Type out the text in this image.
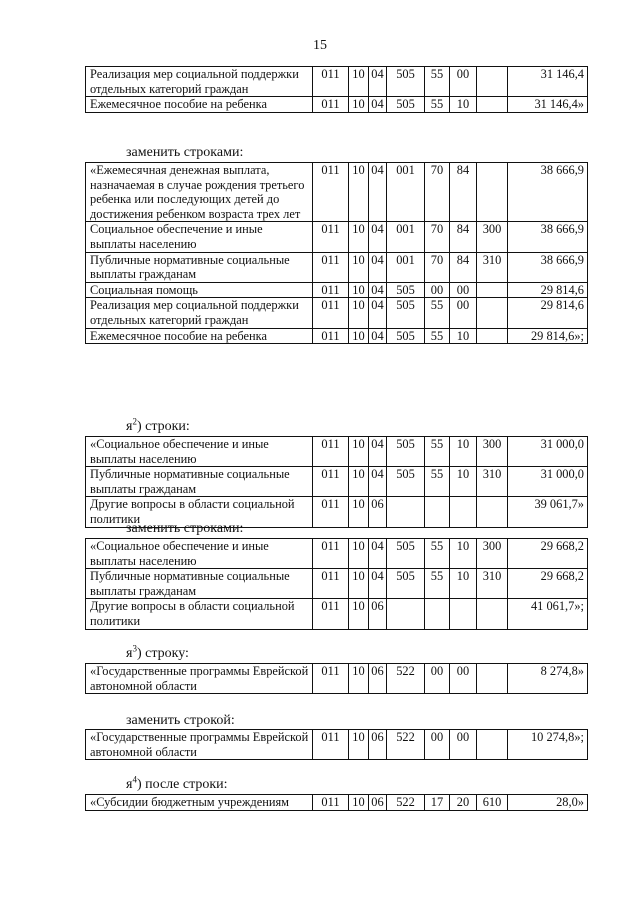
15
Реализация мер социальной поддержки отдельных категорий граждан	011	10	04	505	55	00		31 146,4
Ежемесячное пособие на ребенка	011	10	04	505	55	10		31 146,4»
заменить строками:
«Ежемесячная денежная выплата, назначаемая в случае рождения третьего ребенка или последующих детей до достижения ребенком возраста трех лет	011	10	04	001	70	84		38 666,9
Социальное обеспечение и иные выплаты населению	011	10	04	001	70	84	300	38 666,9
Публичные нормативные социальные выплаты гражданам	011	10	04	001	70	84	310	38 666,9
Социальная помощь	011	10	04	505	00	00		29 814,6
Реализация мер социальной поддержки отдельных категорий граждан	011	10	04	505	55	00		29 814,6
Ежемесячное пособие на ребенка	011	10	04	505	55	10		29 814,6»;
$я^2$) строки:
«Социальное обеспечение и иные выплаты населению	011	10	04	505	55	10	300	31 000,0
Публичные нормативные социальные выплаты гражданам	011	10	04	505	55	10	310	31 000,0
Другие вопросы в области социальной политики	011	10	06					39 061,7»
заменить строками:
«Социальное обеспечение и иные выплаты населению	011	10	04	505	55	10	300	29 668,2
Публичные нормативные социальные выплаты гражданам	011	10	04	505	55	10	310	29 668,2
Другие вопросы в области социальной политики	011	10	06					41 061,7»;
$я^3$) строку:
«Государственные программы Еврейской автономной области	011	10	06	522	00	00		8 274,8»
заменить строкой:
«Государственные программы Еврейской автономной области	011	10	06	522	00	00		10 274,8»;
$я^4$) после строки:
«Субсидии бюджетным учреждениям	011	10	06	522	17	20	610	28,0»
